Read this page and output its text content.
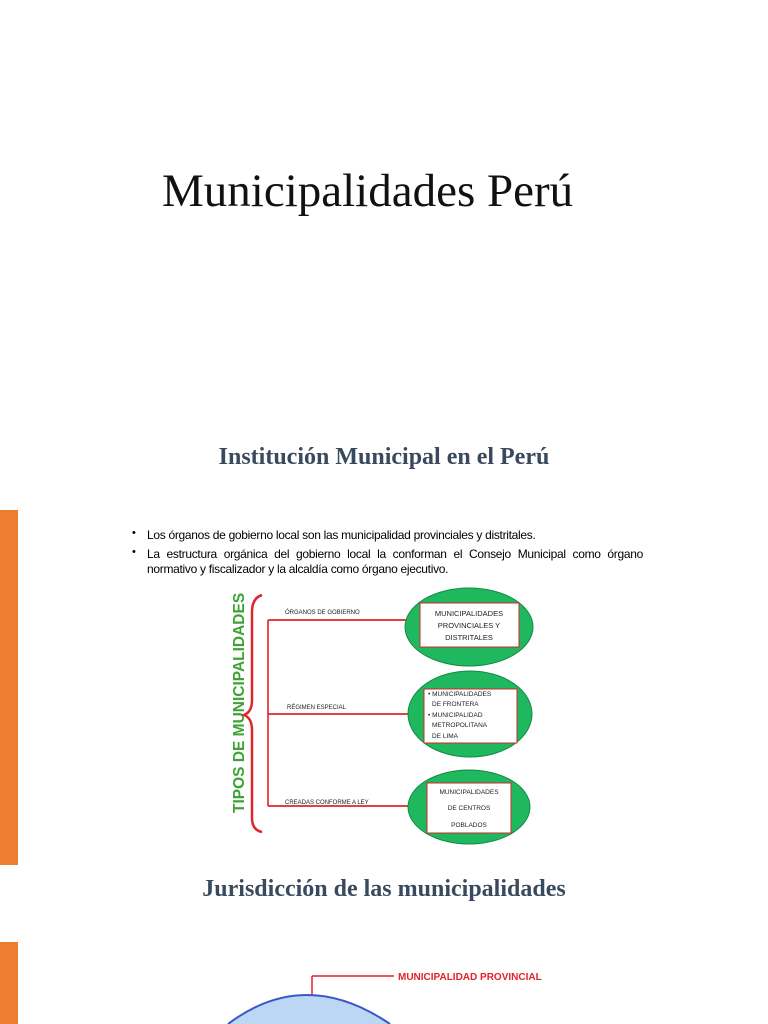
Municipalidades Perú
Institución Municipal en el Perú
• Los órganos de gobierno local son las municipalidad provinciales y distritales.
• La estructura orgánica del gobierno local la conforman el Consejo Municipal como órgano normativo y fiscalizador y la alcaldía como órgano ejecutivo.
TIPOS DE MUNICIPALIDADES	ÓRGANOS DE GOBIERNO	MUNICIPALIDADES
PROVINCIALES Y
DISTRITALES
RÉGIMEN ESPECIAL
• MUNICIPALIDADES
DE FRONTERA
• MUNICIPALIDAD
METROPOLITANA
DE LIMA
CREADAS CONFORME A LEY
MUNICIPALIDADES
DE CENTROS
POBLADOS
MUNICIPALIDAD PROVINCIAL
Jurisdicción de las municipalidades
